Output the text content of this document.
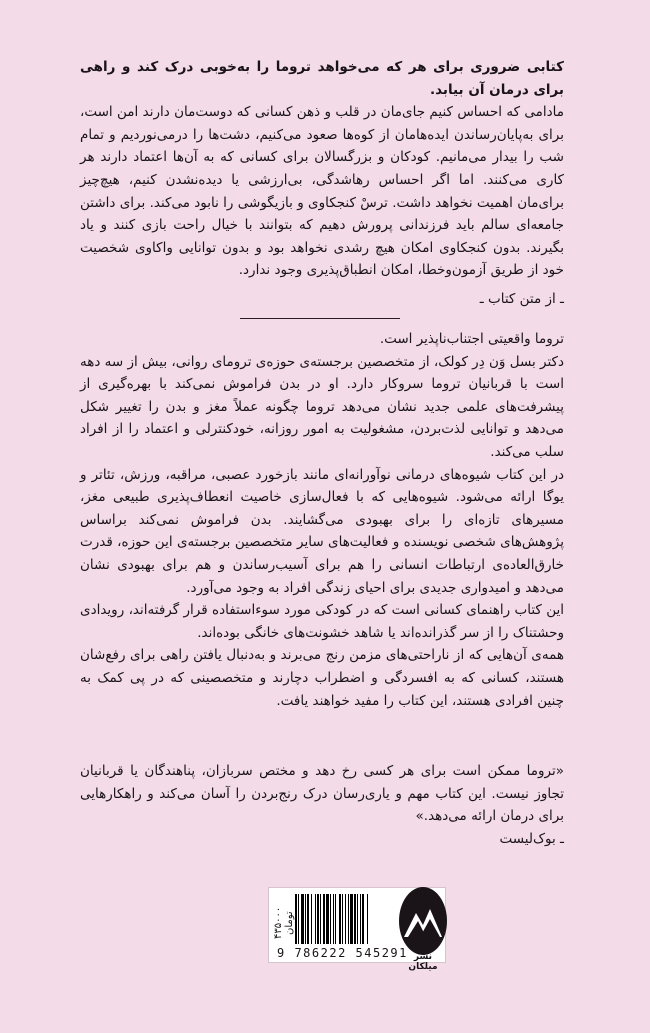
کتابی ضروری برای هر که می‌خواهد تروما را به‌خوبی درک کند و راهی برای درمان آن بیابد.

مادامی که احساس کنیم جای‌مان در قلب و ذهن کسانی که دوست‌مان دارند امن است، برای به‌پایان‌رساندن ایده‌هامان از کوه‌ها صعود می‌کنیم، دشت‌ها را درمی‌نوردیم و تمام شب را بیدار می‌مانیم. کودکان و بزرگسالان برای کسانی که به آن‌ها اعتماد دارند هر کاری می‌کنند. اما اگر احساس رهاشدگی، بی‌ارزشی یا دیده‌نشدن کنیم، هیچ‌چیز برای‌مان اهمیت نخواهد داشت. ترسْ کنجکاوی و بازیگوشی را نابود می‌کند. برای داشتن جامعه‌ای سالم باید فرزندانی پرورش دهیم که بتوانند با خیال راحت بازی کنند و یاد بگیرند. بدون کنجکاوی امکان هیچ رشدی نخواهد بود و بدون توانایی واکاوی شخصیت خود از طریق آزمون‌وخطا، امکان انطباق‌پذیری وجود ندارد.

ـ از متن کتاب ـ

تروما واقعیتی اجتناب‌ناپذیر است.

دکتر بسل وَن دِر کولک، از متخصصین برجسته‌ی حوزه‌ی ترومای روانی، بیش از سه دهه است با قربانیان تروما سروکار دارد. او در بدن فراموش نمی‌کند با بهره‌گیری از پیشرفت‌های علمی جدید نشان می‌دهد تروما چگونه عملاً مغز و بدن را تغییر شکل می‌دهد و توانایی لذت‌بردن، مشغولیت به امور روزانه، خودکنترلی و اعتماد را از افراد سلب می‌کند.

در این کتاب شیوه‌های درمانی نوآورانه‌ای مانند بازخورد عصبی، مراقبه، ورزش، تئاتر و یوگا ارائه می‌شود. شیوه‌هایی که با فعال‌سازی خاصیت انعطاف‌پذیری طبیعی مغز، مسیرهای تازه‌ای را برای بهبودی می‌گشایند. بدن فراموش نمی‌کند براساس پژوهش‌های شخصی نویسنده و فعالیت‌های سایر متخصصین برجسته‌ی این حوزه، قدرت خارق‌العاده‌ی ارتباطات انسانی را هم برای آسیب‌رساندن و هم برای بهبودی نشان می‌دهد و امیدواری جدیدی برای احیای زندگی افراد به وجود می‌آورد.

این کتاب راهنمای کسانی است که در کودکی مورد سوءاستفاده قرار گرفته‌اند، رویدادی وحشتناک را از سر گذرانده‌اند یا شاهد خشونت‌های خانگی بوده‌اند.

همه‌ی آن‌هایی که از ناراحتی‌های مزمن رنج می‌برند و به‌دنبال یافتن راهی برای رفع‌شان هستند، کسانی که به افسردگی و اضطراب دچارند و متخصصینی که در پی کمک به چنین افرادی هستند، این کتاب را مفید خواهند یافت.

«تروما ممکن است برای هر کسی رخ دهد و مختص سربازان، پناهندگان یا قربانیان تجاوز نیست. این کتاب مهم و یاری‌رسان درک رنج‌بردن را آسان می‌کند و راهکارهایی برای درمان ارائه می‌دهد.»

ـ بوک‌لیست

۴۳۵۰۰۰ تومان
9 786222 545291 نشر میلکان
